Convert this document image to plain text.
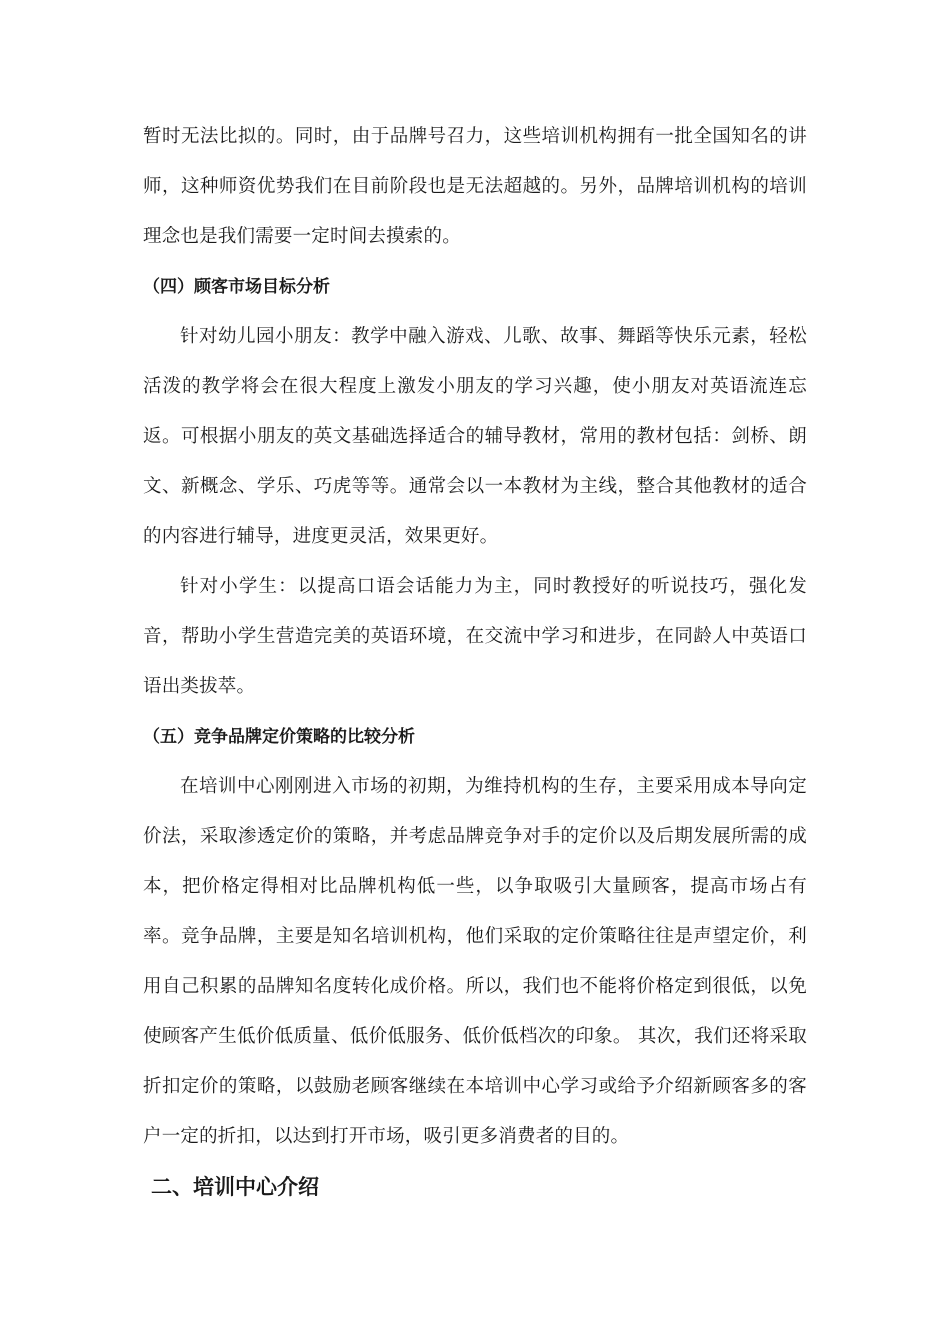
暂时无法比拟的。同时，由于品牌号召力，这些培训机构拥有一批全国知名的讲师，这种师资优势我们在目前阶段也是无法超越的。另外，品牌培训机构的培训理念也是我们需要一定时间去摸索的。

（四）顾客市场目标分析

针对幼儿园小朋友：教学中融入游戏、儿歌、故事、舞蹈等快乐元素，轻松活泼的教学将会在很大程度上激发小朋友的学习兴趣，使小朋友对英语流连忘返。可根据小朋友的英文基础选择适合的辅导教材，常用的教材包括：剑桥、朗文、新概念、学乐、巧虎等等。通常会以一本教材为主线，整合其他教材的适合的内容进行辅导，进度更灵活，效果更好。

针对小学生：以提高口语会话能力为主，同时教授好的听说技巧，强化发音，帮助小学生营造完美的英语环境，在交流中学习和进步，在同龄人中英语口语出类拔萃。

（五）竞争品牌定价策略的比较分析

在培训中心刚刚进入市场的初期，为维持机构的生存，主要采用成本导向定价法，采取渗透定价的策略，并考虑品牌竞争对手的定价以及后期发展所需的成本，把价格定得相对比品牌机构低一些，以争取吸引大量顾客，提高市场占有率。竞争品牌，主要是知名培训机构，他们采取的定价策略往往是声望定价，利用自己积累的品牌知名度转化成价格。所以，我们也不能将价格定到很低，以免使顾客产生低价低质量、低价低服务、低价低档次的印象。 其次，我们还将采取折扣定价的策略，以鼓励老顾客继续在本培训中心学习或给予介绍新顾客多的客户一定的折扣，以达到打开市场，吸引更多消费者的目的。

二、培训中心介绍
